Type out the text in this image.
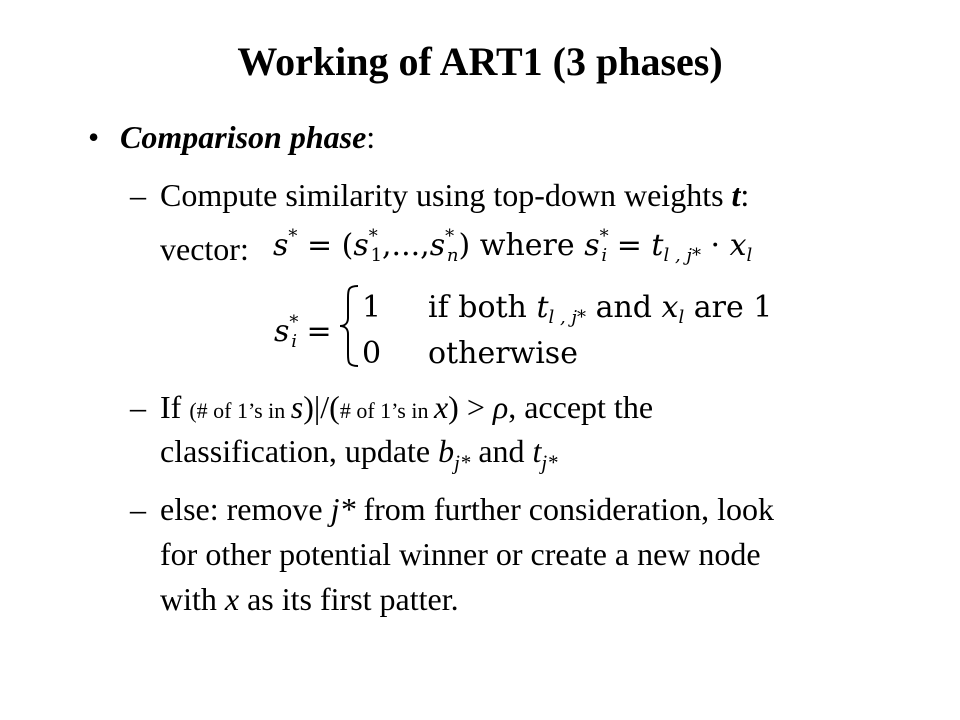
Working of ART1 (3 phases)
• Comparison phase:
– Compute similarity using top-down weights t:
vector: $s^* = (s^*_1,...,s^*_n)$ where $s^*_i = t_{l , j*} \cdot x_l$
$s^*_i$ =
1 if both $t_{l , j*}$ and $x_l$ are 1
0 otherwise
– If (# of 1’s in s)|/(# of 1’s in x) > ρ, accept the
classification, update $b_{j*}$ and $t_{j*}$
– else: remove j* from further consideration, look
for other potential winner or create a new node
with x as its first patter.
